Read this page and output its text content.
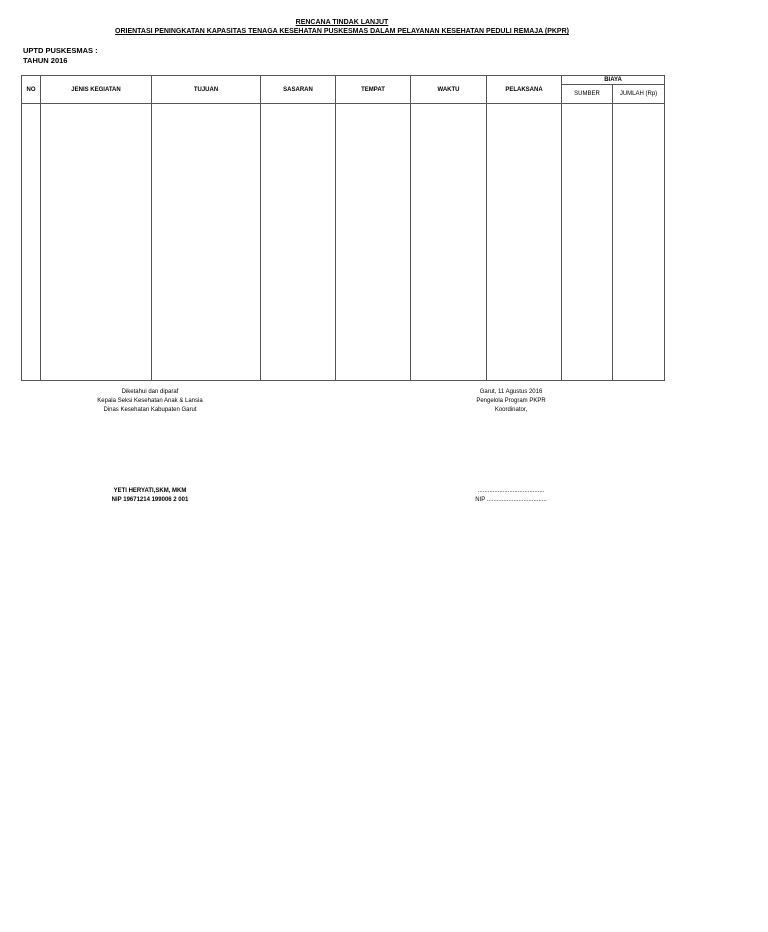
RENCANA TINDAK LANJUT
ORIENTASI PENINGKATAN KAPASITAS TENAGA KESEHATAN PUSKESMAS DALAM PELAYANAN KESEHATAN PEDULI REMAJA (PKPR)
UPTD PUSKESMAS :
TAHUN 2016
NO	JENIS KEGIATAN	TUJUAN	SASARAN	TEMPAT	WAKTU	PELAKSANA	BIAYA	
							SUMBER	JUMLAH (Rp)

Diketahui dan diparaf
Kepala Seksi Kesehatan Anak & Lansia
Dinas Kesehatan Kabupaten Garut
YETI HERYATI,SKM, MKM
NIP 19671214 199006 2 001
Garut, 11 Agustus 2016
Pengelola Program PKPR
Koordinator,
........................................
NIP ....................................
